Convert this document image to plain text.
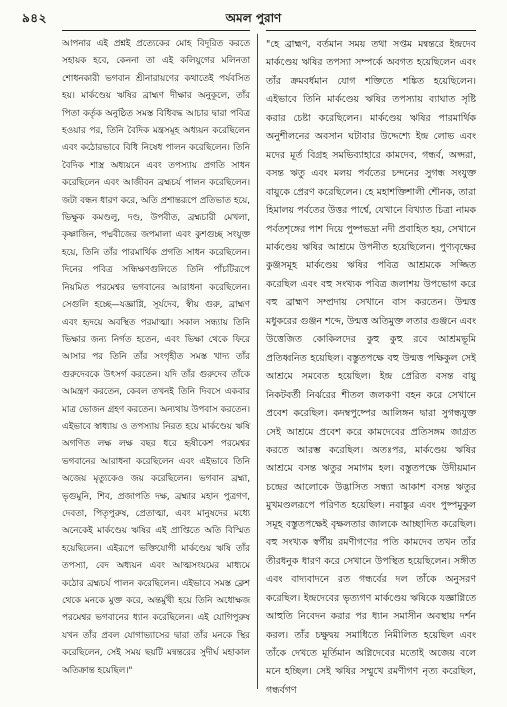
৯৪২	অমল পুরাণ

আপনার এই প্রশ্নই প্রত্যেকের মোহ বিদূরিত করতে সহায়ক হবে, কেননা তা এই কলিযুগের মলিনতা শোধনকারী ভগবান শ্রীনারায়ণের কথাতেই পর্যবসিত হয়। মার্কণ্ডেয় ঋষির ব্রাহ্মণ দীক্ষার অনুকূলে, তাঁর পিতা কর্তৃক অনুষ্ঠিত সমস্ত বিধিবদ্ধ আচার দ্বারা পবিত্র হওয়ার পর, তিনি বৈদিক মন্ত্রসমূহ অধ্যয়ন করেছিলেন এবং কঠোরভাবে বিধি নিষেধ পালন করেছিলেন। তিনি বৈদিক শাস্ত্র অধ্যয়নে এবং তপস্যায় প্রগতি সাধন করেছিলেন এবং আজীবন ব্রহ্মচর্য পালন করেছিলেন। জটা বন্ধন ধারণ করে, অতি প্রশান্তরূপে প্রতিভাত হয়ে, ভিক্ষুক কমণ্ডলু, দণ্ড, উপবীত, ব্রহ্মচারী মেখলা, কৃষ্ণাজিন, পদ্মবীজের জপমালা এবং কুশগুচ্ছ সংযুক্ত হয়ে, তিনি তাঁর পারমার্থিক প্রগতি সাধন করেছিলেন। দিনের পবিত্র সন্ধিক্ষণগুলিতে তিনি পাঁচটিরূপে নিয়মিত পরমেশ্বর ভগবানের আরাধনা করেছিলেন। সেগুলি হচ্ছে—যজ্ঞাগ্নি, সূর্যদেব, স্বীয় গুরু, ব্রাহ্মণ এবং হৃদয়ে অবস্থিত পরমাত্মা। সকাল সন্ধ্যায় তিনি ভিক্ষার জন্য নির্গত হতেন, এবং ভিক্ষা থেকে ফিরে আসার পর তিনি তাঁর সংগৃহীত সমস্ত খাদ্য তাঁর গুরুদেবকে উৎসর্গ করতেন। যদি তাঁর গুরুদেব তাঁকে আমন্ত্রণ করতেন, কেবল তখনই তিনি দিবসে একবার মাত্র ভোজন গ্রহণ করতেন। অন্যথায় উপবাস করতেন। এইভাবে স্বাধ্যায় ও তপস্যায় নিরত হয়ে মার্কণ্ডেয় ঋষি অগণিত লক্ষ লক্ষ বছর ধরে হৃষীকেশ পরমেশ্বর ভগবানের আরাধনা করেছিলেন এবং এইভাবে তিনি অজেয় মৃত্যুকেও জয় করেছিলেন। ভগবান ব্রহ্মা, ভৃগুমুনি, শিব, প্রজাপতি দক্ষ, ব্রহ্মার মহান পুত্রগণ, দেবতা, পিতৃপুরুষ, প্রেতাত্মা, এবং মানুষদের মধ্যে অনেকেই মার্কণ্ডেয় ঋষির এই প্রাপ্তিতে অতি বিস্মিত হয়েছিলেন। এইরূপে ভক্তিযোগী মার্কণ্ডেয় ঋষি তাঁর তপস্যা, বেদ অধ্যয়ন এবং আত্মসংযমের মাধ্যমে কঠোর ব্রহ্মচর্য পালন করেছিলেন। এইভাবে সমস্ত ক্লেশ থেকে মনকে মুক্ত করে, অন্তর্মুখী হয়ে তিনি অধোক্ষজ পরমেশ্বর ভগবানের ধ্যান করেছিলেন। এই যোগিপুরুষ যখন তাঁর প্রবল যোগাভ্যাসের দ্বারা তাঁর মনকে স্থির করেছিলেন, সেই সময় ছয়টি মন্বন্তরের সুদীর্ঘ মহাকাল অতিক্রান্ত হয়েছিল।"

"হে ব্রাহ্মণ, বর্তমান সময় তথা সপ্তম মন্বন্তরে ইন্দ্রদেব মার্কণ্ডেয় ঋষির তপস্যা সম্পর্কে অবগত হয়েছিলেন এবং তাঁর ক্রমবর্ধমান যোগ শক্তিতে শঙ্কিত হয়েছিলেন। এইভাবে তিনি মার্কণ্ডেয় ঋষির তপস্যায় ব্যাঘাত সৃষ্টি করার চেষ্টা করেছিলেন। মার্কণ্ডেয় ঋষির পারমার্থিক অনুশীলনের অবসান ঘটাবার উদ্দেশ্যে ইন্দ্র লোভ এবং মদের মূর্ত বিগ্রহ সমভিব্যাহারে কামদেব, গন্ধর্ব, অপ্সরা, বসন্ত ঋতু এবং মলয় পর্বতের চন্দনের সুগন্ধ সংযুক্ত বায়ুকে প্রেরণ করেছিলেন। হে মহাশক্তিশালী শৌনক, তারা হিমালয় পর্বতের উত্তর পার্শ্বে, যেখানে বিখ্যাত চিত্রা নামক পর্বতশৃঙ্গের পাশ দিয়ে পুষ্পভদ্রা নদী প্রবাহিত হয়, সেখানে মার্কণ্ডেয় ঋষির আশ্রমে উপনীত হয়েছিলেন। পুণ্যবৃক্ষের কুঞ্জসমূহ মার্কণ্ডেয় ঋষির পবিত্র আশ্রমকে সজ্জিত করেছিল এবং বহু সংখ্যক পবিত্র জলাশয় উপভোগ করে বহু ব্রাহ্মণ সম্প্রদায় সেখানে বাস করতেন। উন্মত্ত মধুকরের গুঞ্জন শব্দে, উন্মত্ত অতিমুক্ত লতার গুঞ্জনে এবং উত্তেজিত কোকিলদের কুহু কুহু রবে আশ্রমভূমি প্রতিধ্বনিত হয়েছিল। বস্তুতপক্ষে বহু উন্মত্ত পক্ষিকুল সেই আশ্রমে সমবেত হয়েছিল। ইন্দ্র প্রেরিত বসন্ত বায়ু নিকটবর্তী নির্ঝরের শীতল জলকণা বহন করে সেখানে প্রবেশ করেছিল। কদম্বপুষ্পের আলিঙ্গন দ্বারা সুগন্ধযুক্ত সেই আশ্রমে প্রবেশ করে কামদেবের প্রতিসঙ্গম জাগ্রত করতে আরম্ভ করেছিল। অতঃপর, মার্কণ্ডেয় ঋষির আশ্রমে বসন্ত ঋতুর সমাগম হল। বস্তুতপক্ষে উদীয়মান চন্দ্রের আলোকে উদ্ভাসিত সন্ধ্যা আকাশ বসন্ত ঋতুর মুখমণ্ডলরূপে পরিণত হয়েছিল। নবাঙ্কুর এবং পুষ্পমুকুল সমূহ বস্তুতপক্ষেই বৃক্ষলতার জালকে আচ্ছাদিত করেছিল। বহু সংখ্যক স্বর্গীয় রমণীগণের পতি কামদেব তখন তাঁর তীরধনুক ধারণ করে সেখানে উপস্থিত হয়েছিলেন। সঙ্গীত এবং বাদ্যবাদনে রত গন্ধর্বের দল তাঁকে অনুসরণ করেছিল। ইন্দ্রদেবের ভৃত্যগণ মার্কণ্ডেয় ঋষিকে যজ্ঞাগ্নিতে আহুতি নিবেদন করার পর ধ্যান সমাসীন অবস্থায় দর্শন করল। তাঁর চক্ষুদ্বয় সমাধিতে নিমীলিত হয়েছিল এবং তাঁকে দেখতে মূর্তিমান অগ্নিদেবের মতোই অজেয় বলে মনে হচ্ছিল। সেই ঋষির সম্মুখে রমণীগণ নৃত্য করেছিল, গন্ধর্বগণ
